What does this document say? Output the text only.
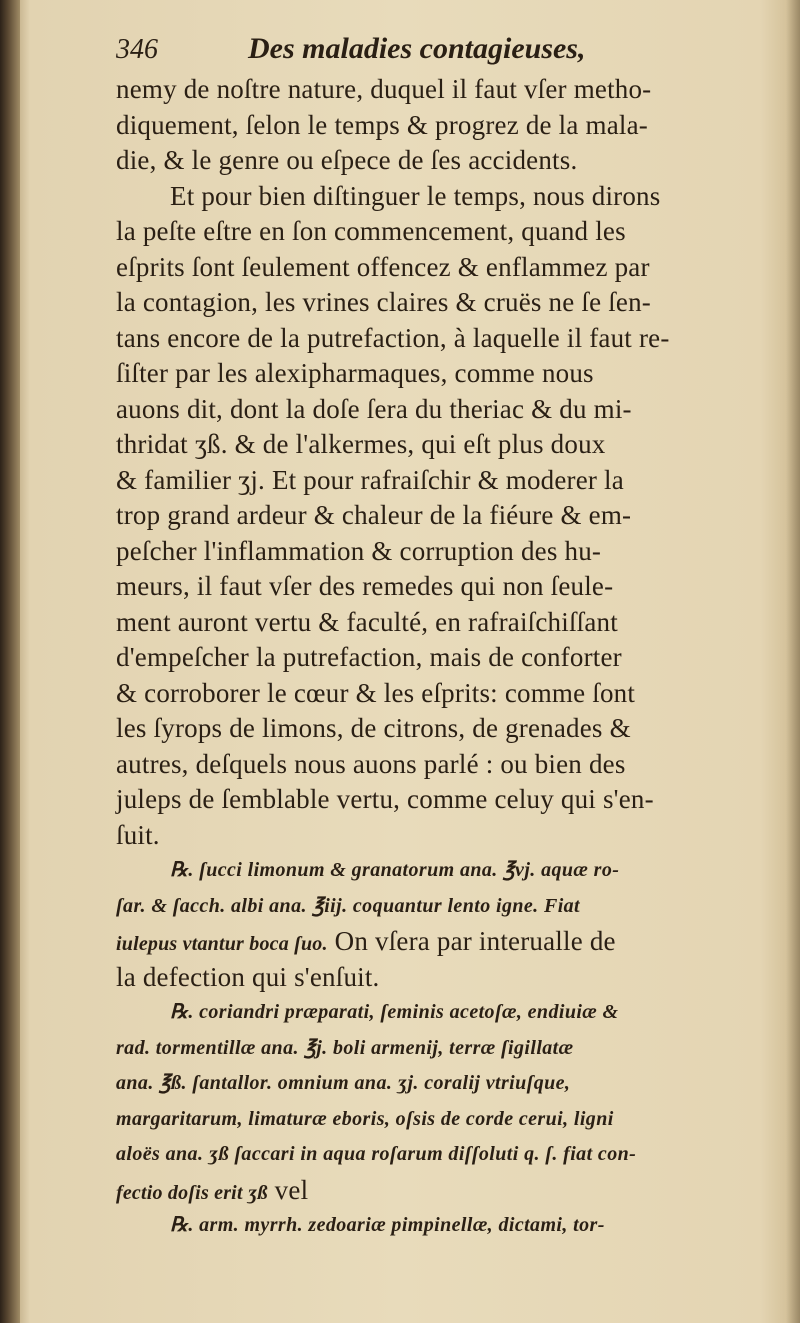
346	Des maladies contagieuses,
nemy de noſtre nature, duquel il faut vſer metho-
diquement, ſelon le temps & progrez de la mala-
die, & le genre ou eſpece de ſes accidents.
Et pour bien diſtinguer le temps, nous dirons
la peſte eſtre en ſon commencement, quand les
eſprits ſont ſeulement offencez & enflammez par
la contagion, les vrines claires & cruës ne ſe ſen-
tans encore de la putrefaction, à laquelle il faut re-
ſiſter par les alexipharmaques, comme nous
auons dit, dont la doſe ſera du theriac & du mi-
thridat ʒß. & de l'alkermes, qui eſt plus doux
& familier ʒj. Et pour rafraiſchir & moderer la
trop grand ardeur & chaleur de la fiéure & em-
peſcher l'inflammation & corruption des hu-
meurs, il faut vſer des remedes qui non ſeule-
ment auront vertu & faculté, en rafraiſchiſſant
d'empeſcher la putrefaction, mais de conforter
& corroborer le cœur & les eſprits: comme ſont
les ſyrops de limons, de citrons, de grenades &
autres, deſquels nous auons parlé : ou bien des
juleps de ſemblable vertu, comme celuy qui s'en-
ſuit.
℞. ſucci limonum & granatorum ana. ℥vj. aquæ ro-
ſar. & ſacch. albi ana. ℥iij. coquantur lento igne. Fiat
iulepus vtantur boca ſuo. On vſera par interualle de
la defection qui s'enſuit.
℞. coriandri præparati, ſeminis acetoſæ, endiuiæ &
rad. tormentillæ ana. ℥j. boli armenij, terræ ſigillatæ
ana. ℥ß. ſantallor. omnium ana. ʒj. coralij vtriuſque,
margaritarum, limaturæ eboris, oſsis de corde cerui, ligni
aloës ana. ʒß ſaccari in aqua roſarum diſſoluti q. ſ. fiat con-
fectio doſis erit ʒß vel
℞. arm. myrrh. zedoariæ pimpinellæ, dictami, tor-
